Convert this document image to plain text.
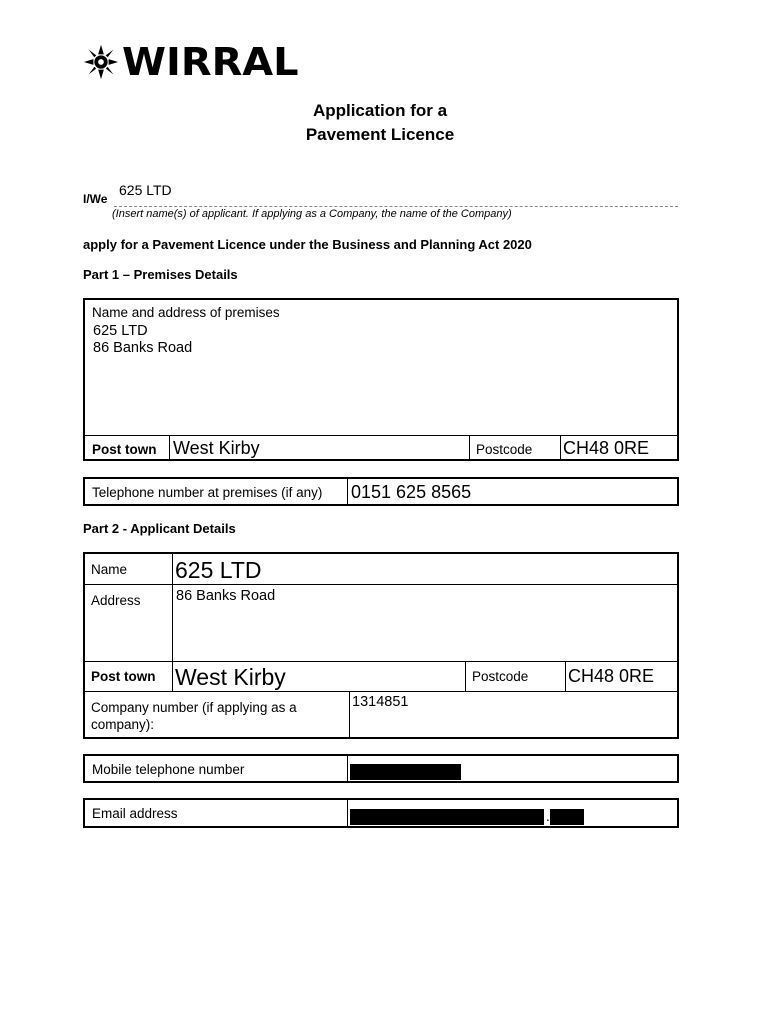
WIRRAL
Application for a
Pavement Licence
I/We
625 LTD
(Insert name(s) of applicant. If applying as a Company, the name of the Company)
apply for a Pavement Licence under the Business and Planning Act 2020
Part 1 – Premises Details
Name and address of premises
625 LTD
86 Banks Road
Post town West Kirby	Postcode CH48 0RE
Telephone number at premises (if any) 0151 625 8565
Part 2 - Applicant Details
Name 625 LTD
Address 86 Banks Road
Post town West Kirby	Postcode CH48 0RE
Company number (if applying as a company):
1314851
Mobile telephone number
Email address	.
